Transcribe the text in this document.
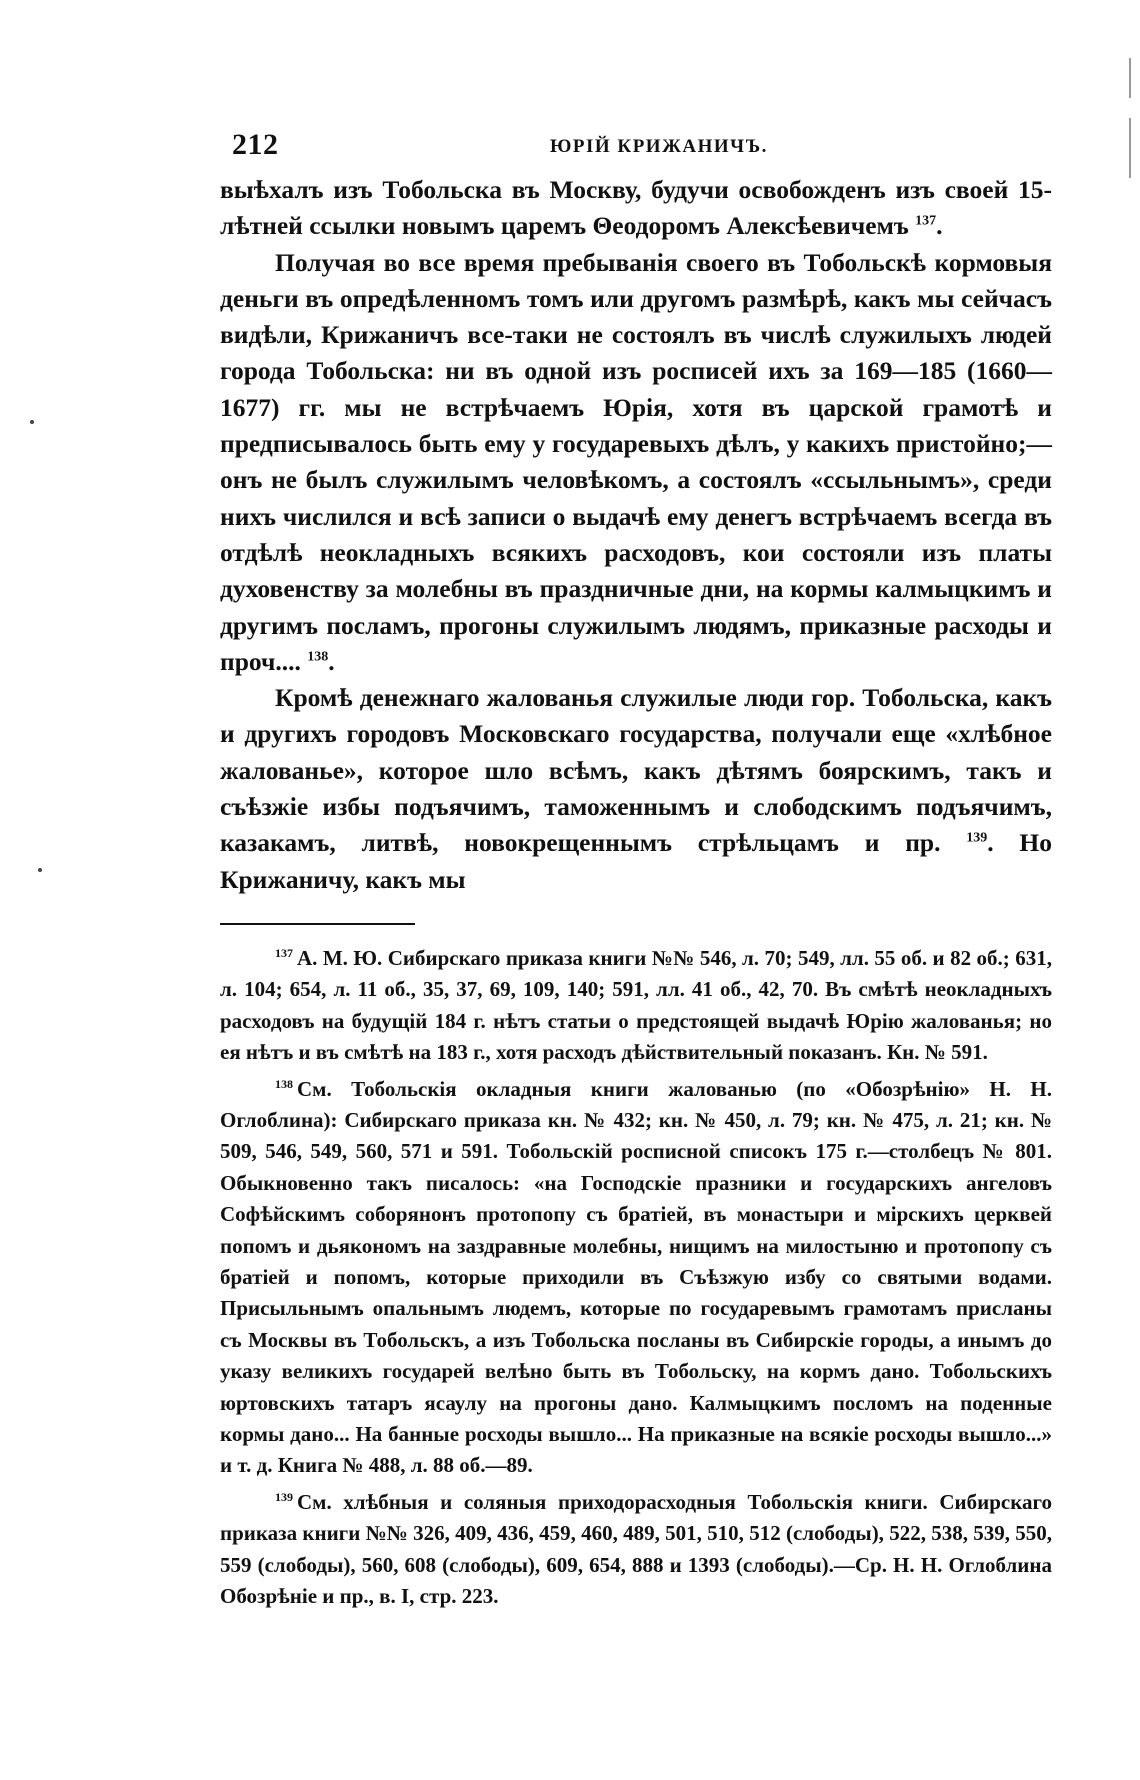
212	ЮРІЙ КРИЖАНИЧЪ.

выѣхалъ изъ Тобольска въ Москву, будучи освобожденъ изъ своей 15-лѣтней ссылки новымъ царемъ Θеодоромъ Алексѣевичемъ $^{137}$.

Получая во все время пребыванія своего въ Тобольскѣ кормовыя деньги въ опредѣленномъ томъ или другомъ размѣрѣ, какъ мы сейчасъ видѣли, Крижаничъ все-таки не состоялъ въ числѣ служилыхъ людей города Тобольска: ни въ одной изъ росписей ихъ за 169—185 (1660—1677) гг. мы не встрѣчаемъ Юрія, хотя въ царской грамотѣ и предписывалось быть ему у государевыхъ дѣлъ, у какихъ пристойно;—онъ не былъ служилымъ человѣкомъ, а состоялъ «ссыльнымъ», среди нихъ числился и всѣ записи о выдачѣ ему денегъ встрѣчаемъ всегда въ отдѣлѣ неокладныхъ всякихъ расходовъ, кои состояли изъ платы духовенству за молебны въ праздничные дни, на кормы калмыцкимъ и другимъ посламъ, прогоны служилымъ людямъ, приказные расходы и проч.... $^{138}$.

Кромѣ денежнаго жалованья служилые люди гор. Тобольска, какъ и другихъ городовъ Московскаго государства, получали еще «хлѣбное жалованье», которое шло всѣмъ, какъ дѣтямъ боярскимъ, такъ и съѣзжіе избы подъячимъ, таможеннымъ и слободскимъ подъячимъ, казакамъ, литвѣ, новокрещеннымъ стрѣльцамъ и пр. $^{139}$. Но Крижаничу, какъ мы

$^{137}$ А. М. Ю. Сибирскаго приказа книги №№ 546, л. 70; 549, лл. 55 об. и 82 об.; 631, л. 104; 654, л. 11 об., 35, 37, 69, 109, 140; 591, лл. 41 об., 42, 70. Въ смѣтѣ неокладныхъ расходовъ на будущій 184 г. нѣтъ статьи о предстоящей выдачѣ Юрію жалованья; но ея нѣтъ и въ смѣтѣ на 183 г., хотя расходъ дѣйствительный показанъ. Кн. № 591.

$^{138}$ См. Тобольскія окладныя книги жалованью (по «Обозрѣнію» Н. Н. Оглоблина): Сибирскаго приказа кн. № 432; кн. № 450, л. 79; кн. № 475, л. 21; кн. № 509, 546, 549, 560, 571 и 591. Тобольскій росписной списокъ 175 г.—столбецъ № 801. Обыкновенно такъ писалось: «на Господскіе празники и государскихъ ангеловъ Софѣйскимъ соборянонъ протопопу съ братіей, въ монастыри и мірскихъ церквей попомъ и дьякономъ на заздравные молебны, нищимъ на милостыню и протопопу съ братіей и попомъ, которые приходили въ Съѣзжую избу со святыми водами. Присыльнымъ опальнымъ людемъ, которые по государевымъ грамотамъ присланы съ Москвы въ Тобольскъ, а изъ Тобольска посланы въ Сибирскіе городы, а инымъ до указу великихъ государей велѣно быть въ Тобольску, на кормъ дано. Тобольскихъ юртовскихъ татаръ ясаулу на прогоны дано. Калмыцкимъ посломъ на поденные кормы дано... На банные росходы вышло... На приказные на всякіе росходы вышло...» и т. д. Книга № 488, л. 88 об.—89.

$^{139}$ См. хлѣбныя и соляныя приходорасходныя Тобольскія книги. Сибирскаго приказа книги №№ 326, 409, 436, 459, 460, 489, 501, 510, 512 (слободы), 522, 538, 539, 550, 559 (слободы), 560, 608 (слободы), 609, 654, 888 и 1393 (слободы).—Ср. Н. Н. Оглоблина Обозрѣніе и пр., в. I, стр. 223.
